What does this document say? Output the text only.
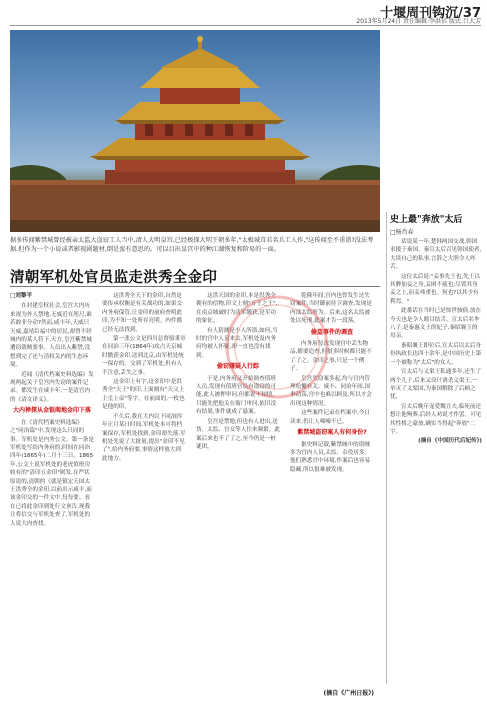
十堰周刊钩沉/37
2013年5月24日 责任编辑:李洪信 版式:吕大芳
据多传闻紫禁城曾经被亲太监大盗窃工人当中,清人大明皇宫,已经极探大明王朝多年,"太极城茸若名兵工人作,"这传闻至不重谱?没法考据,但作为一个小说或者影视剧题材,倒是蛮有意思的。可以目出皇宫中的种江湖恢复和阶易的一面。
清朝军机处官员监走洪秀全金印
□刘黎平

在封建皇权社会,皇宫大内历来视为外人禁地,无威近在咫尺,谁若敢非分动?然而,咸丰年,天威只天威,嘉靖臣福中的居民,却曾不经城内的某人符下,天方,皇宫紫禁城遭窃盗贼要事。人员出入紫禁,没想到完了还与清权关内的生态环境。

近闻《清代档案史料选编》发现两起关于皇宫内失窃的案件记录。都发生在咸丰年,一是清宫内的《清文译义》。

大内禅探从金银阁地金印下落

在《清代档案史料选编》之"同治篇"中,发现这么只同的事。军机处是内务公文。第一条是军机处写给内务府的,时间在同治四年(1865年)二月十三日。1865年,公文上说军机处的老虎值班房收有的"清印五金印"则发,在严状原说的,清朝的《就是镇定天国太王洪秀全的金印,以前出示咸丰,而该金印交的一件文中,每每要。看在已将此金印到处行文禀告,现我让将信交与军机处查了,军机处的人说大内查找。

这洪秀全天下的金印,自然是要传承权衡是有关战功的,如果交内务府保管,让金印的前府查明此印,为不知一处所存亮明。内件都已经无法找到。

第一张公文是四川总督骆秉章在同治三年(1864年)攻占天京城时缴获金印,送到北京,由军机处统一保存的。交到了军机处,但有人不注意,丢失之事。

这金印上有字,这金印中是洪秀全"天王"的印,上面刻有"天父上主皇上帝"等字。在前面的,一枚也是他的印。

不久后,我在大内以下同治四年正月某日时间,军机处本可将档案保存,军机处找到,金印却失落,军机处先说了大批量,提出"金印不见了",给内务府要,事情这样放大到此地方。

这洪天国的金印,本是洪秀全拥有的信物,印文上刻"万王之王",在南京城破时为清军缴获,是军功的象征。

有人猜测是小人所盗,如何,当时的宫中人员来去,军机处及内务府均被人怀疑,却一直也没有找到。

偷窃嫌疑人行踪

于是,内务府又开始调查值班人员,发现有值班官员有盗窃的可能,此人被押审问,但都说不知情。只能先把他关在衙门审问,依旧没有结果,事件就成了悬案。

皇宫是禁地,但也有人进出,送货、太监、宫女等人往来频繁。此案后来也不了了之,至今仍是一桩谜团。

乾隆年间,宫内也曾发生过失窃案件,当时御前侍卫调查,发现是内部太监所为。后来,这名太监被处以死刑,此案才告一段落。

偷盗事件的调查

内务府每次发现宫中丢失物品,都要追查,但很多时候都只能不了了之。金印之事,只是一个例子。

皇宫失窃案多起,均与宫内管理松懈有关。咸丰、同治年间,国事动荡,宫中也难以顾及,所以才会出现这种情况。

这些案件记录在档案中,今日读来,仍让人唏嘘不已。

紫禁城盗窃案人有何身份?

据史料记载,紫禁城中的盗贼多为宫内人员,太监、杂役居多。他们熟悉宫中环境,作案后也容易隐藏,所以很难被发现。

(摘自《广州日报》)
史上最"奔放"太后
□杨肖春

话说某一年,楚韩两国交战,韩国求援于秦国。秦宣太后召见韩国使者,大谈自己的私事,言辞之大胆令人咋舌。

这位太后说:"妾事先王也,先王以其髀加妾之身,妾困不疲也;尽置其身妾之上,而妾弗重也。何也?以其少有利焉。"

此番话在当时已是惊世骇俗,放在今天也是令人瞠目结舌。宣太后名芈八子,是秦惠文王的妃子,秦昭襄王的母亲。

秦昭襄王即位后,宣太后以太后身份执政长达四十余年,是中国历史上第一个被称为"太后"的女人。

宣太后与义渠王私通多年,还生了两个儿子,后来又设计诱杀义渠王,一举灭了义渠国,为秦国解除了后顾之忧。

宣太后晚年宠爱魏丑夫,临死前还想让他殉葬,后经人劝说才作罢。可见其性格之豪放,确实当得起"奔放"二字。

(摘自《中国历代后妃传》)
